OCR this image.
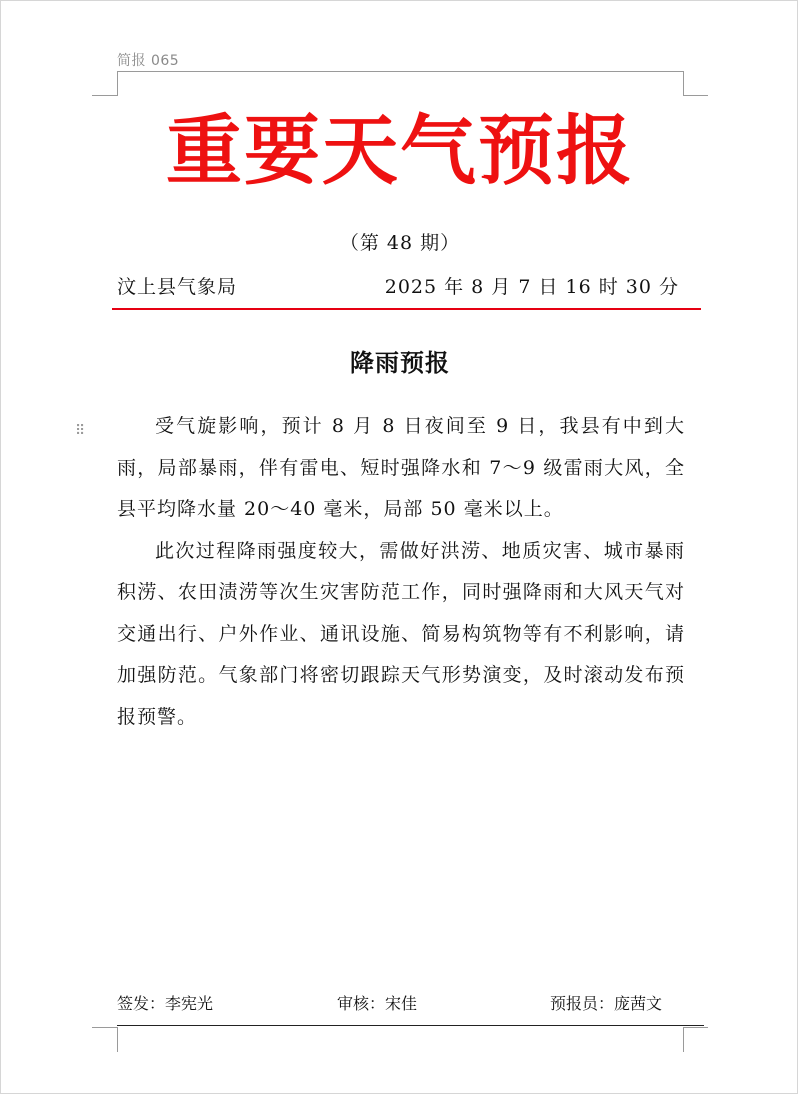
简报 065
重要天气预报
（第 48 期）
汶上县气象局	2025 年 8 月 7 日 16 时 30 分
降雨预报
⠿	受气旋影响，预计 8 月 8 日夜间至 9 日，我县有中到大雨，局部暴雨，伴有雷电、短时强降水和 7～9 级雷雨大风，全县平均降水量 20～40 毫米，局部 50 毫米以上。

此次过程降雨强度较大，需做好洪涝、地质灾害、城市暴雨积涝、农田渍涝等次生灾害防范工作，同时强降雨和大风天气对交通出行、户外作业、通讯设施、简易构筑物等有不利影响，请加强防范。气象部门将密切跟踪天气形势演变，及时滚动发布预报预警。

签发：李宪光	审核：宋佳	预报员：庞茜文
